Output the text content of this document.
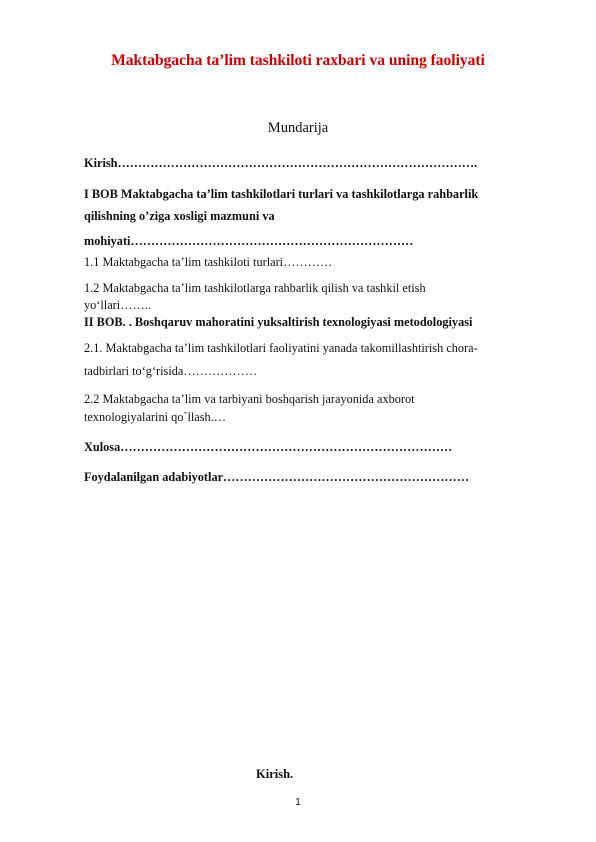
Maktabgacha ta’lim tashkiloti raxbari va uning faoliyati
Mundarija
Kirish…………………………………………………………………………….
I BOB Maktabgacha ta’lim tashkilotlari turlari va tashkilotlarga rahbarlik
qilishning o’ziga xosligi mazmuni va
mohiyati……………………………………………………………
1.1 Maktabgacha ta’lim tashkiloti turlari…………
1.2 Maktabgacha ta’lim tashkilotlarga rahbarlik qilish va tashkil etish
yo‘llari……..
II BOB. . Boshqaruv mahoratini yuksaltirish texnologiyasi metodologiyasi
2.1. Maktabgacha ta’lim tashkilotlari faoliyatini yanada takomillashtirish chora-
tadbirlari to‘g‘risida………………
2.2 Maktabgacha ta’lim va tarbiyani boshqarish jarayonida axborot
texnologiyalarini qo`llash.…
Xulosa………………………………………………………………………
Foydalanilgan adabiyotlar……………………………………………………
Kirish.
1
